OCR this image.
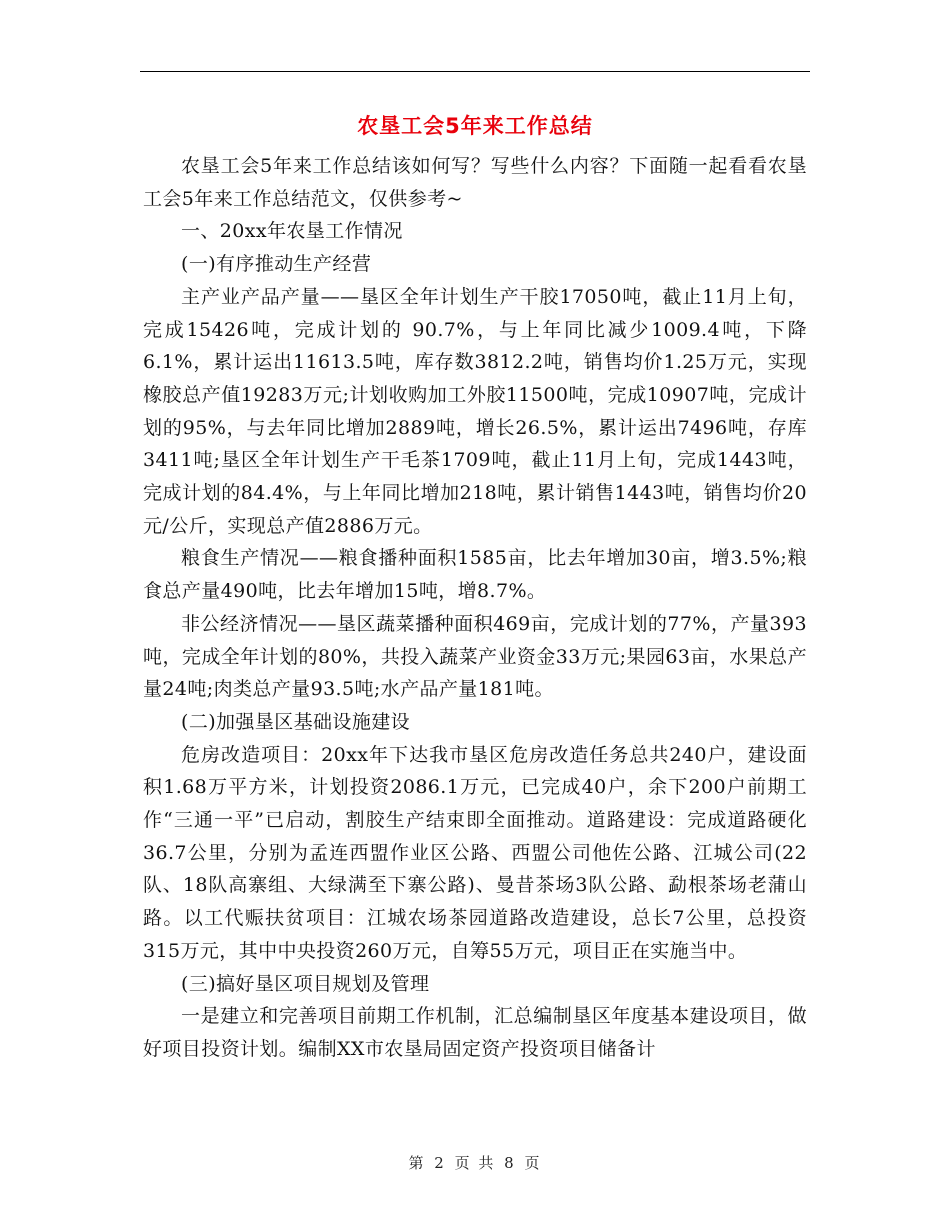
农垦工会5年来工作总结

农垦工会5年来工作总结该如何写？写些什么内容？下面随一起看看农垦工会5年来工作总结范文，仅供参考~

一、20xx年农垦工作情况

(一)有序推动生产经营

主产业产品产量——垦区全年计划生产干胶17050吨，截止11月上旬，完成15426吨，完成计划的 90.7%，与上年同比减少1009.4吨，下降6.1%，累计运出11613.5吨，库存数3812.2吨，销售均价1.25万元，实现橡胶总产值19283万元;计划收购加工外胶11500吨，完成10907吨，完成计划的95%，与去年同比增加2889吨，增长26.5%，累计运出7496吨，存库3411吨;垦区全年计划生产干毛茶1709吨，截止11月上旬，完成1443吨，完成计划的84.4%，与上年同比增加218吨，累计销售1443吨，销售均价20元/公斤，实现总产值2886万元。

粮食生产情况——粮食播种面积1585亩，比去年增加30亩，增3.5%;粮食总产量490吨，比去年增加15吨，增8.7%。

非公经济情况——垦区蔬菜播种面积469亩，完成计划的77%，产量393吨，完成全年计划的80%，共投入蔬菜产业资金33万元;果园63亩，水果总产量24吨;肉类总产量93.5吨;水产品产量181吨。

(二)加强垦区基础设施建设

危房改造项目：20xx年下达我市垦区危房改造任务总共240户，建设面积1.68万平方米，计划投资2086.1万元，已完成40户，余下200户前期工作“三通一平”已启动，割胶生产结束即全面推动。道路建设：完成道路硬化36.7公里，分别为孟连西盟作业区公路、西盟公司他佐公路、江城公司(22队、18队高寨组、大绿满至下寨公路)、曼昔茶场3队公路、勐根茶场老蒲山路。以工代赈扶贫项目：江城农场茶园道路改造建设，总长7公里，总投资315万元，其中中央投资260万元，自筹55万元，项目正在实施当中。

(三)搞好垦区项目规划及管理

一是建立和完善项目前期工作机制，汇总编制垦区年度基本建设项目，做好项目投资计划。编制XX市农垦局固定资产投资项目储备计

第 2 页 共 8 页
